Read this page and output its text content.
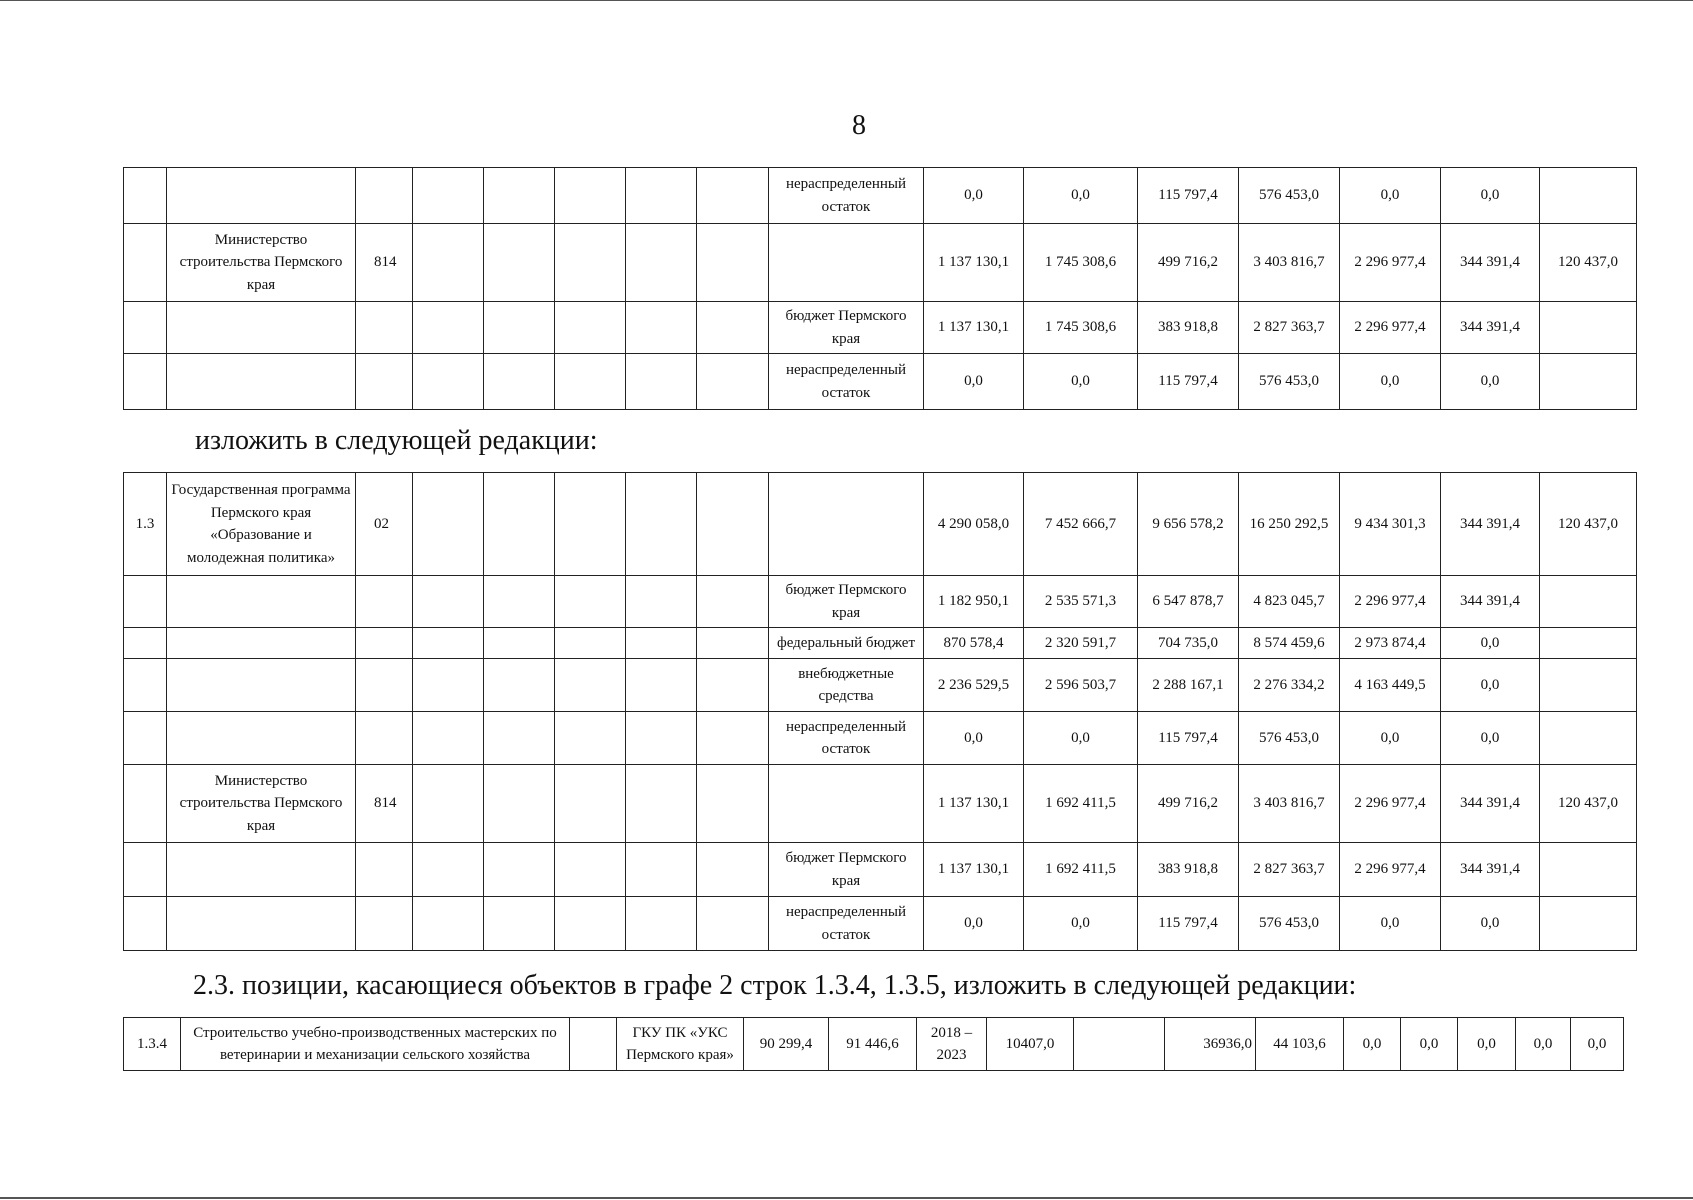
8
								нераспределенный остаток	0,0	0,0	115 797,4	576 453,0	0,0	0,0	
	Министерство строительства Пермского края	814							1 137 130,1	1 745 308,6	499 716,2	3 403 816,7	2 296 977,4	344 391,4	120 437,0
								бюджет Пермского края	1 137 130,1	1 745 308,6	383 918,8	2 827 363,7	2 296 977,4	344 391,4	
								нераспределенный остаток	0,0	0,0	115 797,4	576 453,0	0,0	0,0	
изложить в следующей редакции:
1.3	Государственная программа Пермского края «Образование и молодежная политика»	02							4 290 058,0	7 452 666,7	9 656 578,2	16 250 292,5	9 434 301,3	344 391,4	120 437,0
								бюджет Пермского края	1 182 950,1	2 535 571,3	6 547 878,7	4 823 045,7	2 296 977,4	344 391,4	
								федеральный бюджет	870 578,4	2 320 591,7	704 735,0	8 574 459,6	2 973 874,4	0,0	
								внебюджетные средства	2 236 529,5	2 596 503,7	2 288 167,1	2 276 334,2	4 163 449,5	0,0	
								нераспределенный остаток	0,0	0,0	115 797,4	576 453,0	0,0	0,0	
	Министерство строительства Пермского края	814							1 137 130,1	1 692 411,5	499 716,2	3 403 816,7	2 296 977,4	344 391,4	120 437,0
								бюджет Пермского края	1 137 130,1	1 692 411,5	383 918,8	2 827 363,7	2 296 977,4	344 391,4	
								нераспределенный остаток	0,0	0,0	115 797,4	576 453,0	0,0	0,0	
2.3. позиции, касающиеся объектов в графе 2 строк 1.3.4, 1.3.5, изложить в следующей редакции:
1.3.4	Строительство учебно-производственных мастерских по ветеринарии и механизации сельского хозяйства		ГКУ ПК «УКС Пермского края»	90 299,4	91 446,6	2018 – 2023	10407,0		36936,0	44 103,6	0,0	0,0	0,0	0,0	0,0
